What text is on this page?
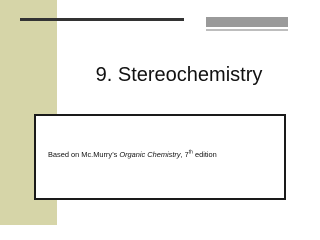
9. Stereochemistry
Based on Mc.Murry’s Organic Chemistry, 7th edition
